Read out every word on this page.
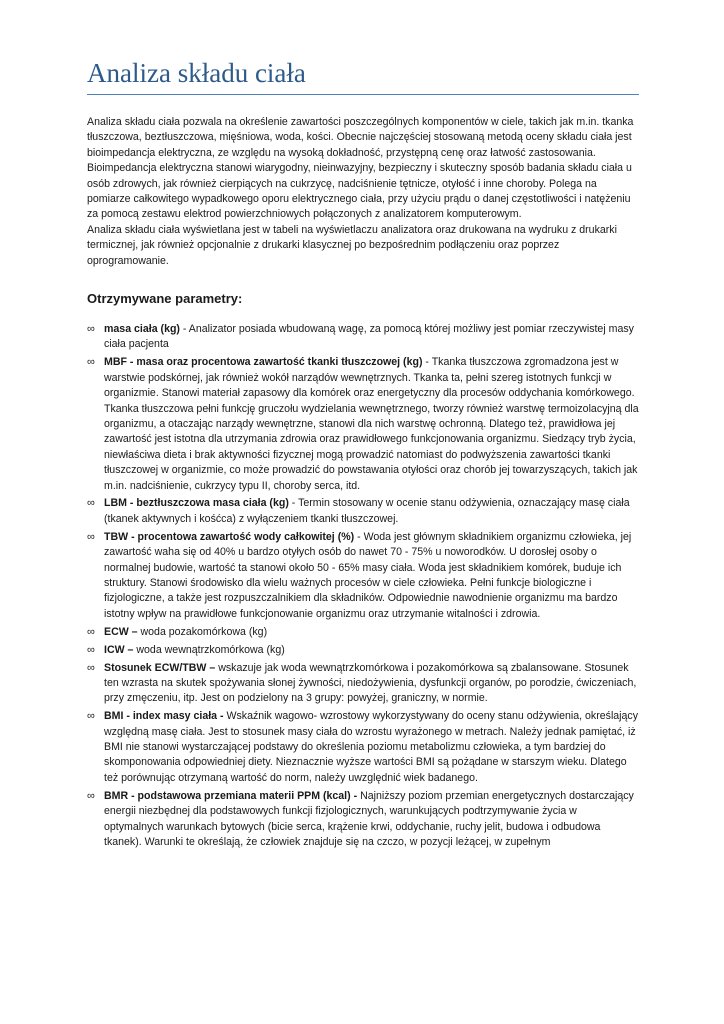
Analiza składu ciała

Analiza składu ciała pozwala na określenie zawartości poszczególnych komponentów w ciele, takich jak m.in. tkanka tłuszczowa, beztłuszczowa, mięśniowa, woda, kości. Obecnie najczęściej stosowaną metodą oceny składu ciała jest bioimpedancja elektryczna, ze względu na wysoką dokładność, przystępną cenę oraz łatwość zastosowania. Bioimpedancja elektryczna stanowi wiarygodny, nieinwazyjny, bezpieczny i skuteczny sposób badania składu ciała u osób zdrowych, jak również cierpiących na cukrzycę, nadciśnienie tętnicze, otyłość i inne choroby. Polega na pomiarze całkowitego wypadkowego oporu elektrycznego ciała, przy użyciu prądu o danej częstotliwości i natężeniu za pomocą zestawu elektrod powierzchniowych połączonych z analizatorem komputerowym.

Analiza składu ciała wyświetlana jest w tabeli na wyświetlaczu analizatora oraz drukowana na wydruku z drukarki termicznej, jak również opcjonalnie z drukarki klasycznej po bezpośrednim podłączeniu oraz poprzez oprogramowanie.

Otrzymywane parametry:
∞ masa ciała (kg) - Analizator posiada wbudowaną wagę, za pomocą której możliwy jest pomiar rzeczywistej masy ciała pacjenta
∞ MBF - masa oraz procentowa zawartość tkanki tłuszczowej (kg) - Tkanka tłuszczowa zgromadzona jest w warstwie podskórnej, jak również wokół narządów wewnętrznych. Tkanka ta, pełni szereg istotnych funkcji w organizmie. Stanowi materiał zapasowy dla komórek oraz energetyczny dla procesów oddychania komórkowego. Tkanka tłuszczowa pełni funkcję gruczołu wydzielania wewnętrznego, tworzy również warstwę termoizolacyjną dla organizmu, a otaczając narządy wewnętrzne, stanowi dla nich warstwę ochronną. Dlatego też, prawidłowa jej zawartość jest istotna dla utrzymania zdrowia oraz prawidłowego funkcjonowania organizmu. Siedzący tryb życia, niewłaściwa dieta i brak aktywności fizycznej mogą prowadzić natomiast do podwyższenia zawartości tkanki tłuszczowej w organizmie, co może prowadzić do powstawania otyłości oraz chorób jej towarzyszących, takich jak m.in. nadciśnienie, cukrzycy typu II, choroby serca, itd.
∞ LBM - beztłuszczowa masa ciała (kg) - Termin stosowany w ocenie stanu odżywienia, oznaczający masę ciała (tkanek aktywnych i kośćca) z wyłączeniem tkanki tłuszczowej.
∞ TBW - procentowa zawartość wody całkowitej (%) - Woda jest głównym składnikiem organizmu człowieka, jej zawartość waha się od 40% u bardzo otyłych osób do nawet 70 - 75% u noworodków. U dorosłej osoby o normalnej budowie, wartość ta stanowi około 50 - 65% masy ciała. Woda jest składnikiem komórek, buduje ich struktury. Stanowi środowisko dla wielu ważnych procesów w ciele człowieka. Pełni funkcje biologiczne i fizjologiczne, a także jest rozpuszczalnikiem dla składników. Odpowiednie nawodnienie organizmu ma bardzo istotny wpływ na prawidłowe funkcjonowanie organizmu oraz utrzymanie witalności i zdrowia.
∞ ECW – woda pozakomórkowa (kg)
∞ ICW – woda wewnątrzkomórkowa (kg)
∞ Stosunek ECW/TBW – wskazuje jak woda wewnątrzkomórkowa i pozakomórkowa są zbalansowane. Stosunek ten wzrasta na skutek spożywania słonej żywności, niedożywienia, dysfunkcji organów, po porodzie, ćwiczeniach, przy zmęczeniu, itp. Jest on podzielony na 3 grupy: powyżej, graniczny, w normie.
∞ BMI - index masy ciała - Wskaźnik wagowo- wzrostowy wykorzystywany do oceny stanu odżywienia, określający względną masę ciała. Jest to stosunek masy ciała do wzrostu wyrażonego w metrach. Należy jednak pamiętać, iż BMI nie stanowi wystarczającej podstawy do określenia poziomu metabolizmu człowieka, a tym bardziej do skomponowania odpowiedniej diety. Nieznacznie wyższe wartości BMI są pożądane w starszym wieku. Dlatego też porównując otrzymaną wartość do norm, należy uwzględnić wiek badanego.
∞ BMR - podstawowa przemiana materii PPM (kcal) - Najniższy poziom przemian energetycznych dostarczający energii niezbędnej dla podstawowych funkcji fizjologicznych, warunkujących podtrzymywanie życia w optymalnych warunkach bytowych (bicie serca, krążenie krwi, oddychanie, ruchy jelit, budowa i odbudowa tkanek). Warunki te określają, że człowiek znajduje się na czczo, w pozycji leżącej, w zupełnym
